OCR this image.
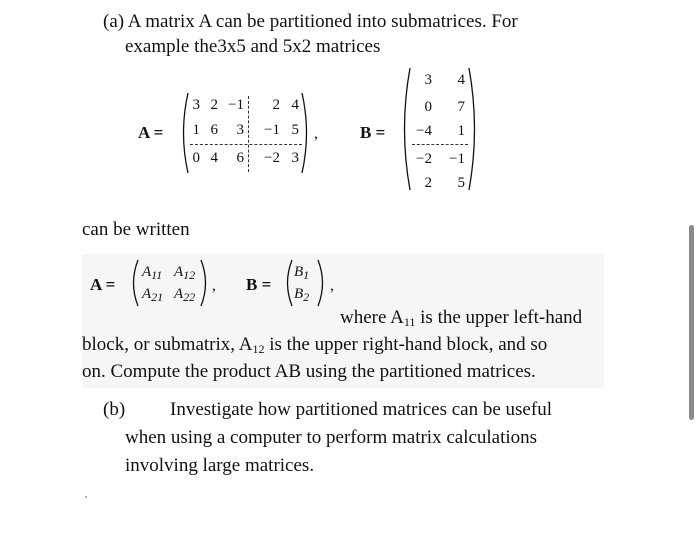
(a) A matrix A can be partitioned into submatrices. For
example the3x5 and 5x2 matrices
A =
3 2 −1	2 4
1 6	3	−1 5
0 4	6	−2 3
, B =
3	4
0	7
−4	1
−2	−1
2	5
can be written
A =
$A_{11}$ $A_{12}$
$A_{21}$ $A_{22}$
, B =
$B_1$
$B_2$
,
where $A_{11}$ is the upper left-hand
block, or submatrix, $A_{12}$ is the upper right-hand block, and so
on. Compute the product AB using the partitioned matrices.
(b) Investigate how partitioned matrices can be useful
when using a computer to perform matrix calculations
involving large matrices.
